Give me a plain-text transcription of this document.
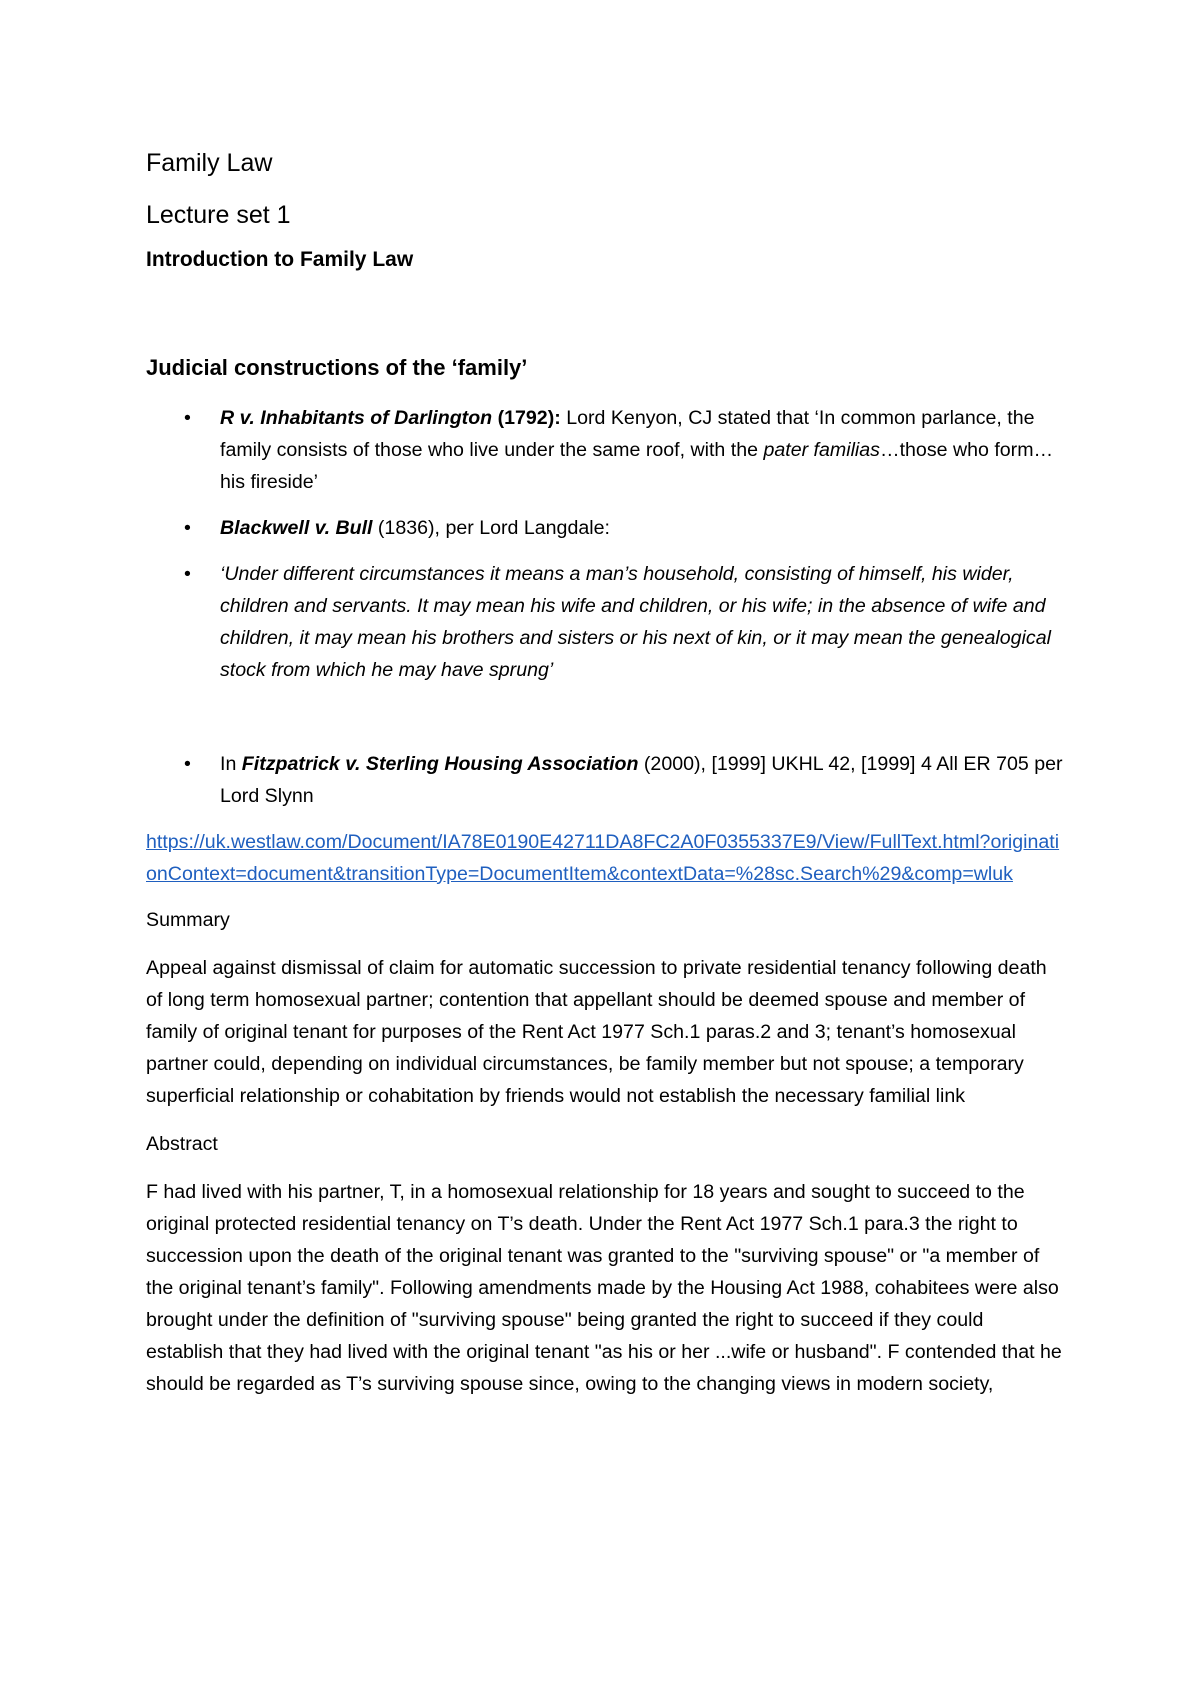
Family Law
Lecture set 1
Introduction to Family Law
Judicial constructions of the ‘family’
• R v. Inhabitants of Darlington (1792): Lord Kenyon, CJ stated that ‘In common parlance, the family consists of those who live under the same roof, with the pater familias…those who form…his fireside’
• Blackwell v. Bull (1836), per Lord Langdale:
• ‘Under different circumstances it means a man’s household, consisting of himself, his wider, children and servants. It may mean his wife and children, or his wife; in the absence of wife and children, it may mean his brothers and sisters or his next of kin, or it may mean the genealogical stock from which he may have sprung’
• In Fitzpatrick v. Sterling Housing Association (2000), [1999] UKHL 42, [1999] 4 All ER 705 per Lord Slynn
https://uk.westlaw.com/Document/IA78E0190E42711DA8FC2A0F0355337E9/View/FullText.html?originationContext=document&transitionType=DocumentItem&contextData=%28sc.Search%29&comp=wluk
Summary
Appeal against dismissal of claim for automatic succession to private residential tenancy following death of long term homosexual partner; contention that appellant should be deemed spouse and member of family of original tenant for purposes of the Rent Act 1977 Sch.1 paras.2 and 3; tenant’s homosexual partner could, depending on individual circumstances, be family member but not spouse; a temporary superficial relationship or cohabitation by friends would not establish the necessary familial link
Abstract
F had lived with his partner, T, in a homosexual relationship for 18 years and sought to succeed to the original protected residential tenancy on T’s death. Under the Rent Act 1977 Sch.1 para.3 the right to succession upon the death of the original tenant was granted to the "surviving spouse" or "a member of the original tenant’s family". Following amendments made by the Housing Act 1988, cohabitees were also brought under the definition of "surviving spouse" being granted the right to succeed if they could establish that they had lived with the original tenant "as his or her ...wife or husband". F contended that he should be regarded as T’s surviving spouse since, owing to the changing views in modern society,
